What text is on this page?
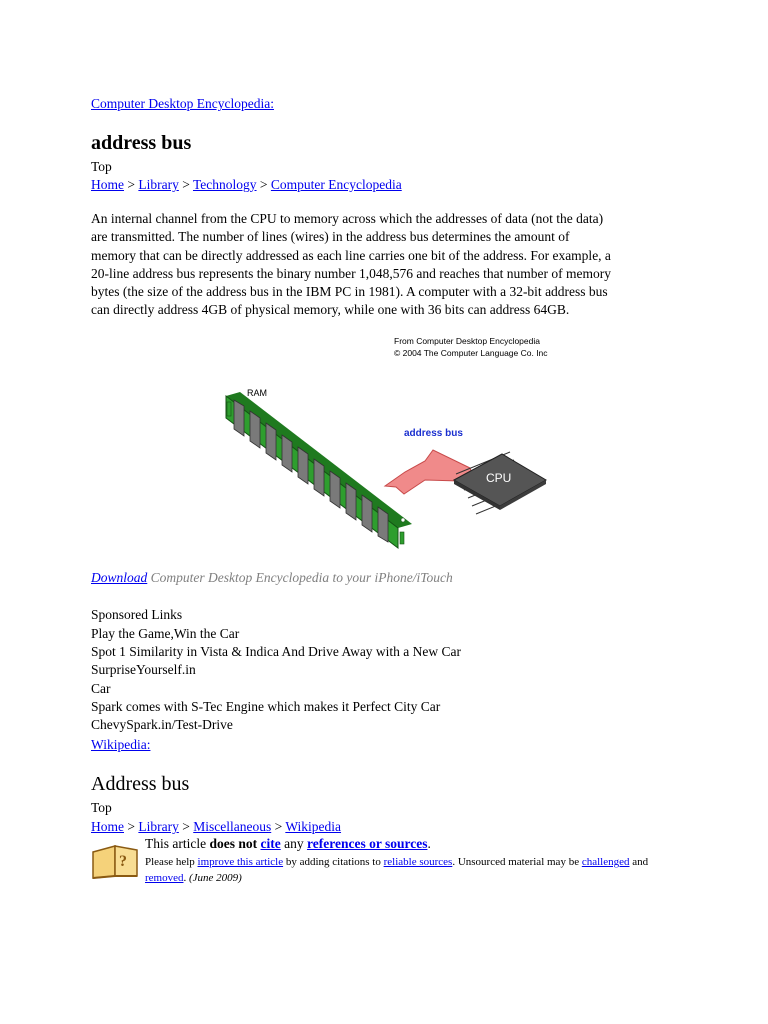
Computer Desktop Encyclopedia:
address bus
Top
Home > Library > Technology > Computer Encyclopedia
An internal channel from the CPU to memory across which the addresses of data (not the data)
are transmitted. The number of lines (wires) in the address bus determines the amount of
memory that can be directly addressed as each line carries one bit of the address. For example, a
20-line address bus represents the binary number 1,048,576 and reaches that number of memory
bytes (the size of the address bus in the IBM PC in 1981). A computer with a 32-bit address bus
can directly address 4GB of physical memory, while one with 36 bits can address 64GB.
From Computer Desktop Encyclopedia
© 2004 The Computer Language Co. Inc
RAM
address bus
CPU
Download Computer Desktop Encyclopedia to your iPhone/iTouch
Sponsored Links
Play the Game,Win the Car
Spot 1 Similarity in Vista & Indica And Drive Away with a New Car
SurpriseYourself.in
Car
Spark comes with S-Tec Engine which makes it Perfect City Car
ChevySpark.in/Test-Drive
Wikipedia:
Address bus
Top
Home > Library > Miscellaneous > Wikipedia
?
This article does not cite any references or sources.
Please help improve this article by adding citations to reliable sources. Unsourced material may be challenged and removed. (June 2009)
